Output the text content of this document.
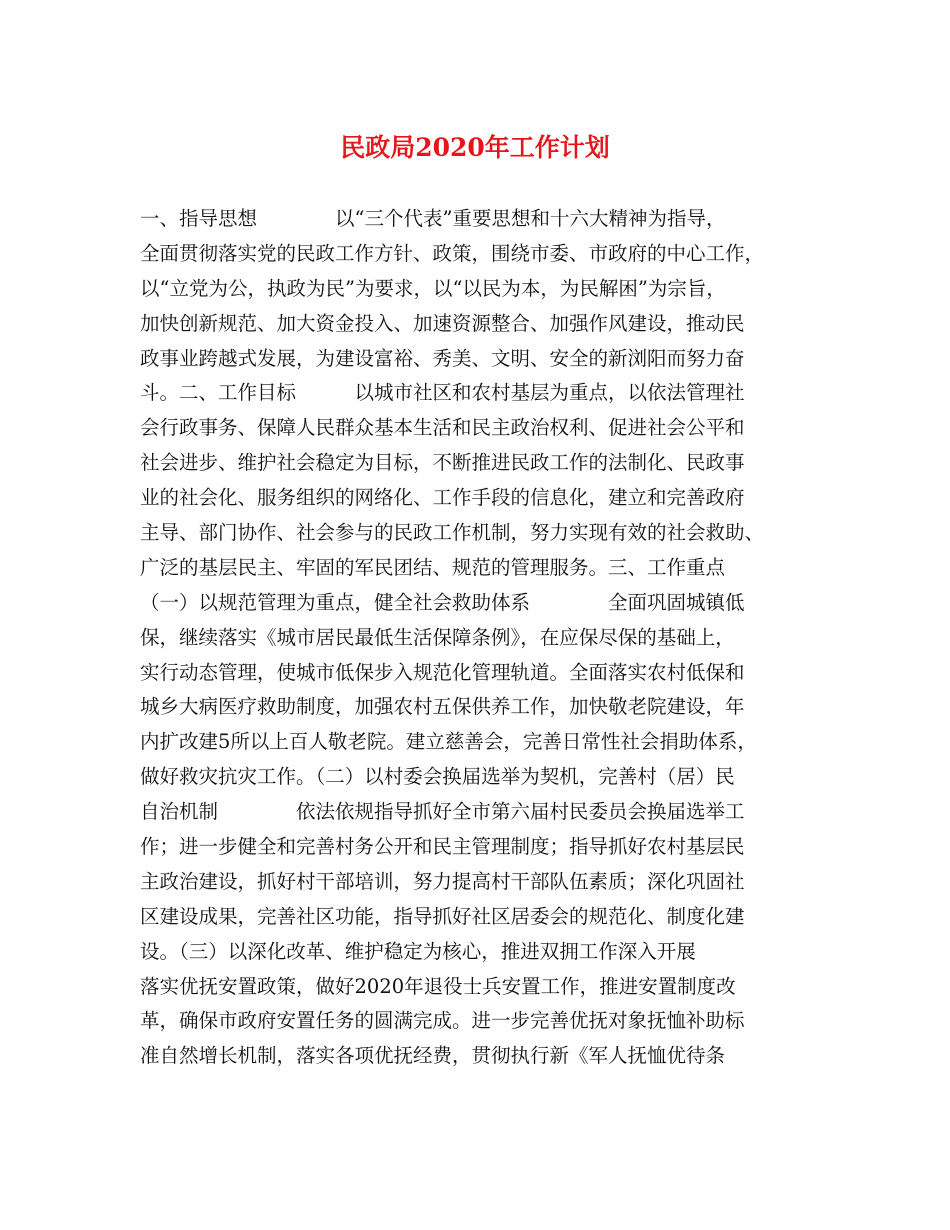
民政局2020年工作计划
一、指导思想　　　　以“三个代表”重要思想和十六大精神为指导，
全面贯彻落实党的民政工作方针、政策，围绕市委、市政府的中心工作，
以“立党为公，执政为民”为要求，以“以民为本，为民解困”为宗旨，
加快创新规范、加大资金投入、加速资源整合、加强作风建设，推动民
政事业跨越式发展，为建设富裕、秀美、文明、安全的新浏阳而努力奋
斗。二、工作目标　　　以城市社区和农村基层为重点，以依法管理社
会行政事务、保障人民群众基本生活和民主政治权利、促进社会公平和
社会进步、维护社会稳定为目标，不断推进民政工作的法制化、民政事
业的社会化、服务组织的网络化、工作手段的信息化，建立和完善政府
主导、部门协作、社会参与的民政工作机制，努力实现有效的社会救助、
广泛的基层民主、牢固的军民团结、规范的管理服务。三、工作重点
（一）以规范管理为重点，健全社会救助体系　　　　全面巩固城镇低
保，继续落实《城市居民最低生活保障条例》，在应保尽保的基础上，
实行动态管理，使城市低保步入规范化管理轨道。全面落实农村低保和
城乡大病医疗救助制度，加强农村五保供养工作，加快敬老院建设，年
内扩改建5所以上百人敬老院。建立慈善会，完善日常性社会捐助体系，
做好救灾抗灾工作。（二）以村委会换届选举为契机，完善村（居）民
自治机制　　　　依法依规指导抓好全市第六届村民委员会换届选举工
作；进一步健全和完善村务公开和民主管理制度；指导抓好农村基层民
主政治建设，抓好村干部培训，努力提高村干部队伍素质；深化巩固社
区建设成果，完善社区功能，指导抓好社区居委会的规范化、制度化建
设。（三）以深化改革、维护稳定为核心，推进双拥工作深入开展
落实优抚安置政策，做好2020年退役士兵安置工作，推进安置制度改
革，确保市政府安置任务的圆满完成。进一步完善优抚对象抚恤补助标
准自然增长机制，落实各项优抚经费，贯彻执行新《军人抚恤优待条
